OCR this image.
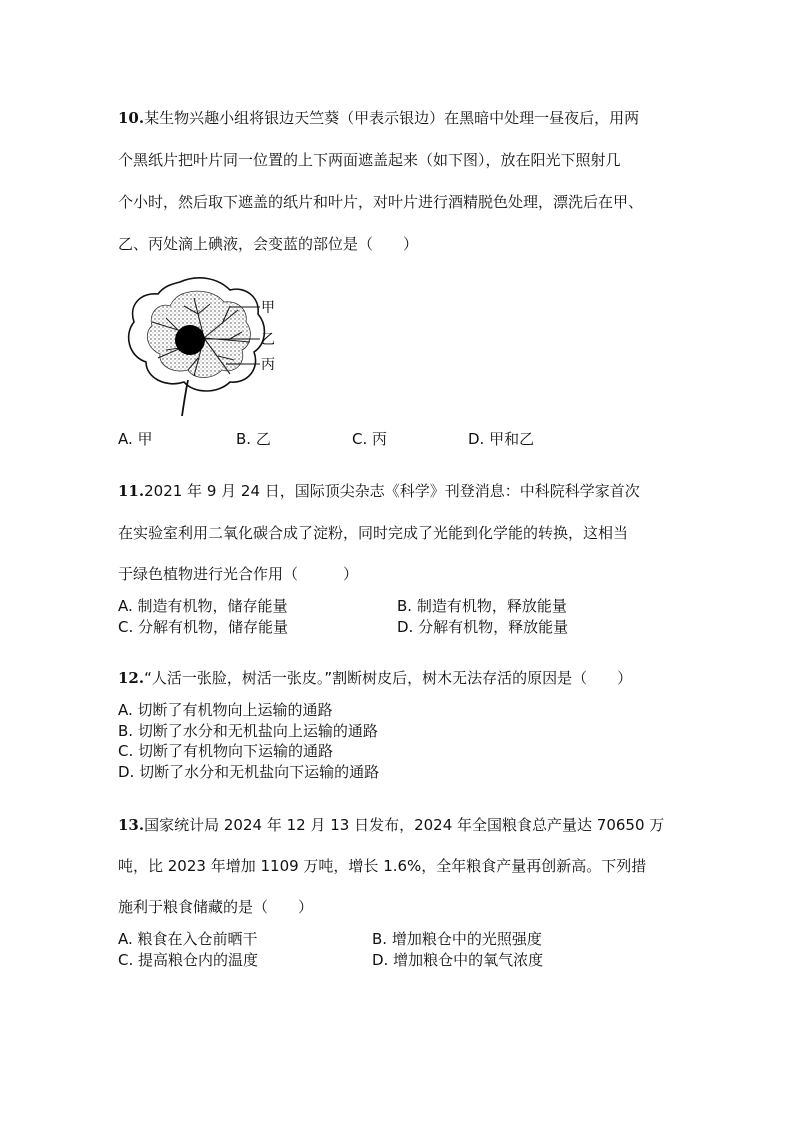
10.某生物兴趣小组将银边天竺葵（甲表示银边）在黑暗中处理一昼夜后，用两
个黑纸片把叶片同一位置的上下两面遮盖起来（如下图），放在阳光下照射几
个小时，然后取下遮盖的纸片和叶片，对叶片进行酒精脱色处理，漂洗后在甲、
乙、丙处滴上碘液，会变蓝的部位是（　　）
甲
乙
丙
A. 甲	B. 乙	C. 丙	D. 甲和乙
11.2021 年 9 月 24 日，国际顶尖杂志《科学》刊登消息：中科院科学家首次
在实验室利用二氧化碳合成了淀粉，同时完成了光能到化学能的转换，这相当
于绿色植物进行光合作用（　　　）
A. 制造有机物，储存能量	B. 制造有机物，释放能量
C. 分解有机物，储存能量	D. 分解有机物，释放能量
12.“人活一张脸，树活一张皮。”割断树皮后，树木无法存活的原因是（　　）
A. 切断了有机物向上运输的通路
B. 切断了水分和无机盐向上运输的通路
C. 切断了有机物向下运输的通路
D. 切断了水分和无机盐向下运输的通路
13.国家统计局 2024 年 12 月 13 日发布，2024 年全国粮食总产量达 70650 万
吨，比 2023 年增加 1109 万吨，增长 1.6%，全年粮食产量再创新高。下列措
施利于粮食储藏的是（　　）
A. 粮食在入仓前晒干	B. 增加粮仓中的光照强度
C. 提高粮仓内的温度	D. 增加粮仓中的氧气浓度
